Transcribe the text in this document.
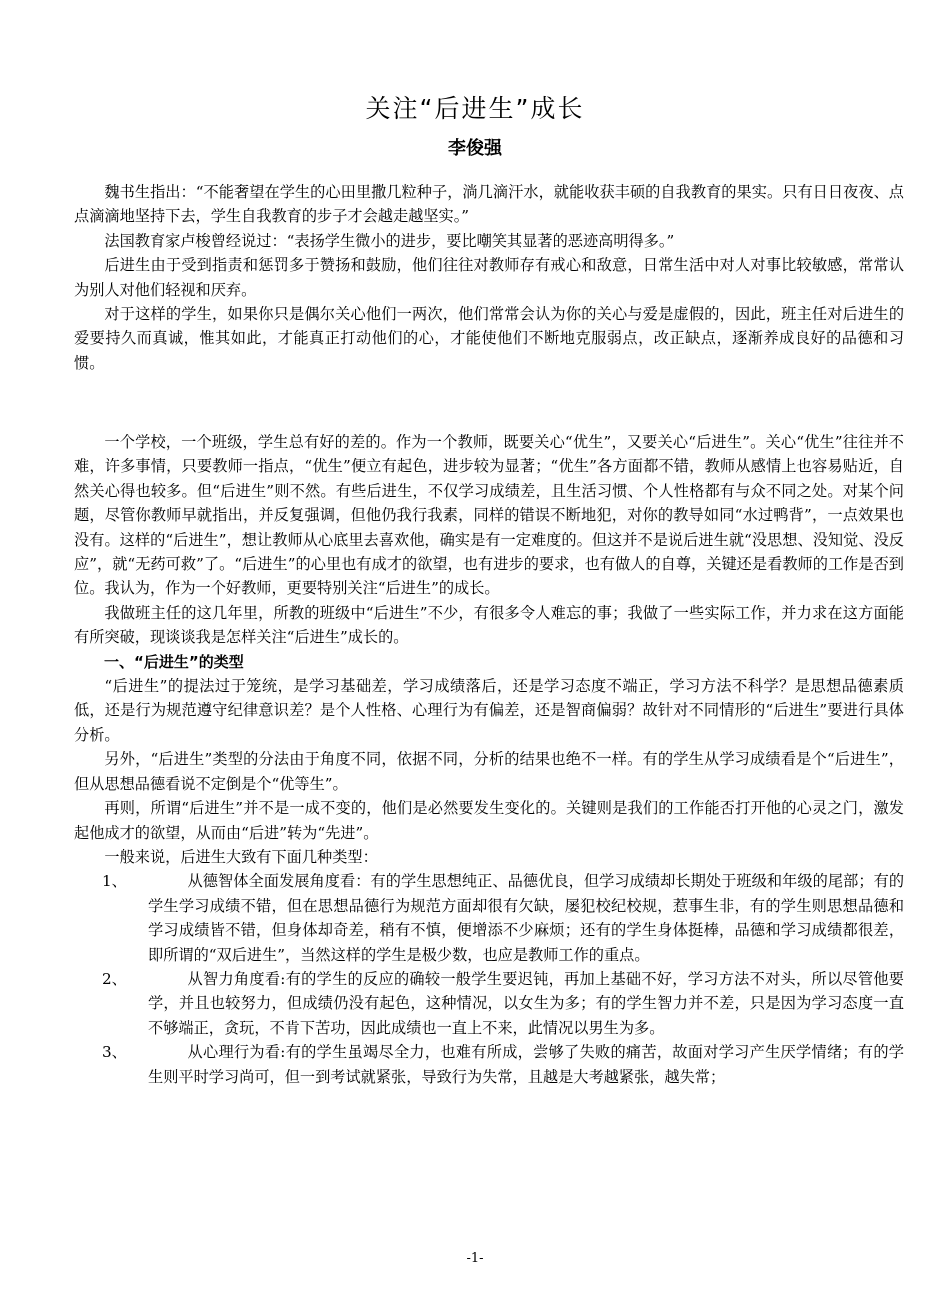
关注“后进生”成长
李俊强

魏书生指出：“不能奢望在学生的心田里撒几粒种子，淌几滴汗水，就能收获丰硕的自我教育的果实。只有日日夜夜、点点滴滴地坚持下去，学生自我教育的步子才会越走越坚实。”

法国教育家卢梭曾经说过：“表扬学生微小的进步，要比嘲笑其显著的恶迹高明得多。”

后进生由于受到指责和惩罚多于赞扬和鼓励，他们往往对教师存有戒心和敌意，日常生活中对人对事比较敏感，常常认为别人对他们轻视和厌弃。

对于这样的学生，如果你只是偶尔关心他们一两次，他们常常会认为你的关心与爱是虚假的，因此，班主任对后进生的爱要持久而真诚，惟其如此，才能真正打动他们的心，才能使他们不断地克服弱点，改正缺点，逐渐养成良好的品德和习惯。

一个学校，一个班级，学生总有好的差的。作为一个教师，既要关心“优生”，又要关心“后进生”。关心“优生”往往并不难，许多事情，只要教师一指点，“优生”便立有起色，进步较为显著；“优生”各方面都不错，教师从感情上也容易贴近，自然关心得也较多。但“后进生”则不然。有些后进生，不仅学习成绩差，且生活习惯、个人性格都有与众不同之处。对某个问题，尽管你教师早就指出，并反复强调，但他仍我行我素，同样的错误不断地犯，对你的教导如同“水过鸭背”，一点效果也没有。这样的“后进生”，想让教师从心底里去喜欢他，确实是有一定难度的。但这并不是说后进生就“没思想、没知觉、没反应”，就“无药可救”了。“后进生”的心里也有成才的欲望，也有进步的要求，也有做人的自尊，关键还是看教师的工作是否到位。我认为，作为一个好教师，更要特别关注“后进生”的成长。

我做班主任的这几年里，所教的班级中“后进生”不少，有很多令人难忘的事；我做了一些实际工作，并力求在这方面能有所突破，现谈谈我是怎样关注“后进生”成长的。

一、“后进生”的类型

“后进生”的提法过于笼统，是学习基础差，学习成绩落后，还是学习态度不端正，学习方法不科学？是思想品德素质低，还是行为规范遵守纪律意识差？是个人性格、心理行为有偏差，还是智商偏弱？故针对不同情形的“后进生”要进行具体分析。

另外，“后进生”类型的分法由于角度不同，依据不同，分析的结果也绝不一样。有的学生从学习成绩看是个“后进生”，但从思想品德看说不定倒是个“优等生”。

再则，所谓“后进生”并不是一成不变的，他们是必然要发生变化的。关键则是我们的工作能否打开他的心灵之门，激发起他成才的欲望，从而由“后进”转为“先进”。

一般来说，后进生大致有下面几种类型：

1、	从德智体全面发展角度看：有的学生思想纯正、品德优良，但学习成绩却长期处于班级和年级的尾部；有的学生学习成绩不错，但在思想品德行为规范方面却很有欠缺，屡犯校纪校规，惹事生非，有的学生则思想品德和学习成绩皆不错，但身体却奇差，稍有不慎，便增添不少麻烦；还有的学生身体挺棒，品德和学习成绩都很差，即所谓的“双后进生”，当然这样的学生是极少数，也应是教师工作的重点。
2、	从智力角度看:有的学生的反应的确较一般学生要迟钝，再加上基础不好，学习方法不对头，所以尽管他要学，并且也较努力，但成绩仍没有起色，这种情况，以女生为多；有的学生智力并不差，只是因为学习态度一直不够端正，贪玩，不肯下苦功，因此成绩也一直上不来，此情况以男生为多。
3、	从心理行为看:有的学生虽竭尽全力，也难有所成，尝够了失败的痛苦，故面对学习产生厌学情绪；有的学生则平时学习尚可，但一到考试就紧张，导致行为失常，且越是大考越紧张，越失常；
-1-
